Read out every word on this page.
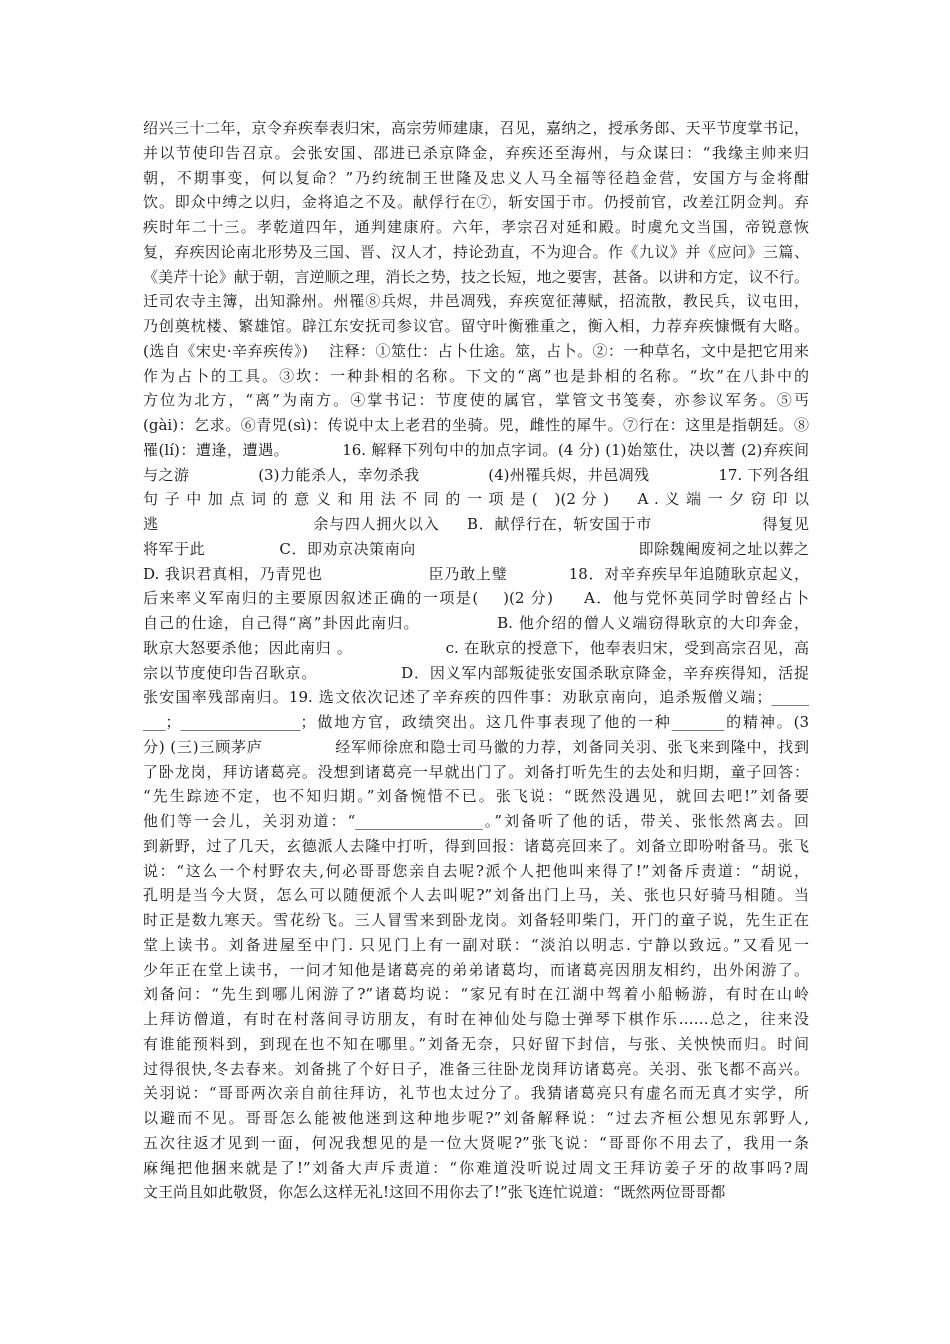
绍兴三十二年，京令弃疾奉表归宋，高宗劳师建康，召见，嘉纳之，授承务郎、天平节度掌书记，
并以节使印告召京。会张安国、邵进已杀京降金，弃疾还至海州，与众谋曰：“我缘主帅来归
朝，不期事变，何以复命？”乃约统制王世隆及忠义人马全福等径趋金营，安国方与金将酣
饮。即众中缚之以归，金将追之不及。献俘行在⑦，斩安国于市。仍授前官，改差江阴佥判。弃
疾时年二十三。孝乾道四年，通判建康府。六年，孝宗召对延和殿。时虞允文当国，帝锐意恢
复，弃疾因论南北形势及三国、晋、汉人才，持论劲直，不为迎合。作《九议》并《应问》三篇、
《美芹十论》献于朝，言逆顺之理，消长之势，技之长短，地之要害，甚备。以讲和方定，议不行。
迁司农寺主簿，出知滁州。州罹⑧兵烬，井邑凋残，弃疾宽征薄赋，招流散，教民兵，议屯田，
乃创奠枕楼、繁雄馆。辟江东安抚司参议官。留守叶衡雅重之，衡入相，力荐弃疾慷慨有大略。
(选自《宋史·辛弃疾传》)    注释：①筮仕：占卜仕途。筮，占卜。②：一种草名，文中是把它用来
作为占卜的工具。③坎：一种卦相的名称。下文的“离”也是卦相的名称。“坎”在八卦中的
方位为北方，“离”为南方。④掌书记：节度使的属官，掌管文书笺奏，亦参议军务。⑤丐
(gài)：乞求。⑥青兕(sì)：传说中太上老君的坐骑。兕，雌性的犀牛。⑦行在：这里是指朝廷。⑧
罹(lí)：遭逢，遭遇。          16. 解释下列句中的加点字词。(4 分) (1)始筮仕，决以蓍 (2)弃疾间
与之游             (3)力能杀人，幸勿杀我             (4)州罹兵烬，井邑凋残             17. 下列各组
句 子 中 加 点 词 的 意 义 和 用 法 不 同 的 一 项 是 (   )(2 分 )     A . 义 端 一 夕 窃 印 以
逃                            余与四人拥火以入     B．献俘行在，斩安国于市                    得复见
将军于此              C．即劝京决策南向                                          即除魏阉废祠之址以葬之
D. 我识君真相，乃青兕也                   臣乃敢上璧           18．对辛弃疾早年追随耿京起义，
后来率义军南归的主要原因叙述正确的一项是(    )(2 分)     A．他与党怀英同学时曾经占卜
自己的仕途，自己得“离”卦因此南归。             B. 他介绍的僧人义端窃得耿京的大印奔金，
耿京大怒要杀他；因此南归 。                 c. 在耿京的授意下，他奉表归宋，受到高宗召见，高
宗以节度使印告召耿京。               D．因义军内部叛徒张安国杀耿京降金，辛弃疾得知，活捉
张安国率残部南归。19. 选文依次记述了辛弃疾的四件事：劝耿京南向，追杀叛僧义端；_____
___；________________；做地方官，政绩突出。这几件事表现了他的一种_______的精神。(3
分) (三)三顾茅庐             经军师徐庶和隐士司马徽的力荐，刘备同关羽、张飞来到隆中，找到
了卧龙岗，拜访诸葛亮。没想到诸葛亮一早就出门了。刘备打听先生的去处和归期，童子回答：
“先生踪迹不定，也不知归期。”刘备惋惜不已。张飞说：“既然没遇见，就回去吧!”刘备要
他们等一会儿，关羽劝道：“_________________。”刘备听了他的话，带关、张怅然离去。回
到新野，过了几天，玄德派人去隆中打听，得到回报：诸葛亮回来了。刘备立即吩咐备马。张飞
说：“这么一个村野农夫,何必哥哥您亲自去呢?派个人把他叫来得了!”刘备斥责道：“胡说，
孔明是当今大贤，怎么可以随便派个人去叫呢?”刘备出门上马，关、张也只好骑马相随。当
时正是数九寒天。雪花纷飞。三人冒雪来到卧龙岗。刘备轻叩柴门，开门的童子说，先生正在
堂上读书。刘备进屋至中门. 只见门上有一副对联：“淡泊以明志. 宁静以致远。”又看见一
少年正在堂上读书，一问才知他是诸葛亮的弟弟诸葛均，而诸葛亮因朋友相约，出外闲游了。
刘备问：“先生到哪儿闲游了?”诸葛均说：“家兄有时在江湖中驾着小船畅游，有时在山岭
上拜访僧道，有时在村落间寻访朋友，有时在神仙处与隐士弹琴下棋作乐……总之，往来没
有谁能预料到，到现在也不知在哪里。”刘备无奈，只好留下封信，与张、关怏怏而归。时间
过得很快,冬去春来。刘备挑了个好日子，准备三往卧龙岗拜访诸葛亮。关羽、张飞都不高兴。
关羽说：“哥哥两次亲自前往拜访，礼节也太过分了。我猜诸葛亮只有虚名而无真才实学，所
以避而不见。哥哥怎么能被他迷到这种地步呢?”刘备解释说：“过去齐桓公想见东郭野人,
五次往返才见到一面，何况我想见的是一位大贤呢?”张飞说：“哥哥你不用去了，我用一条
麻绳把他捆来就是了!”刘备大声斥责道：“你难道没听说过周文王拜访姜子牙的故事吗?周
文王尚且如此敬贤，你怎么这样无礼!这回不用你去了!”张飞连忙说道：“既然两位哥哥都
